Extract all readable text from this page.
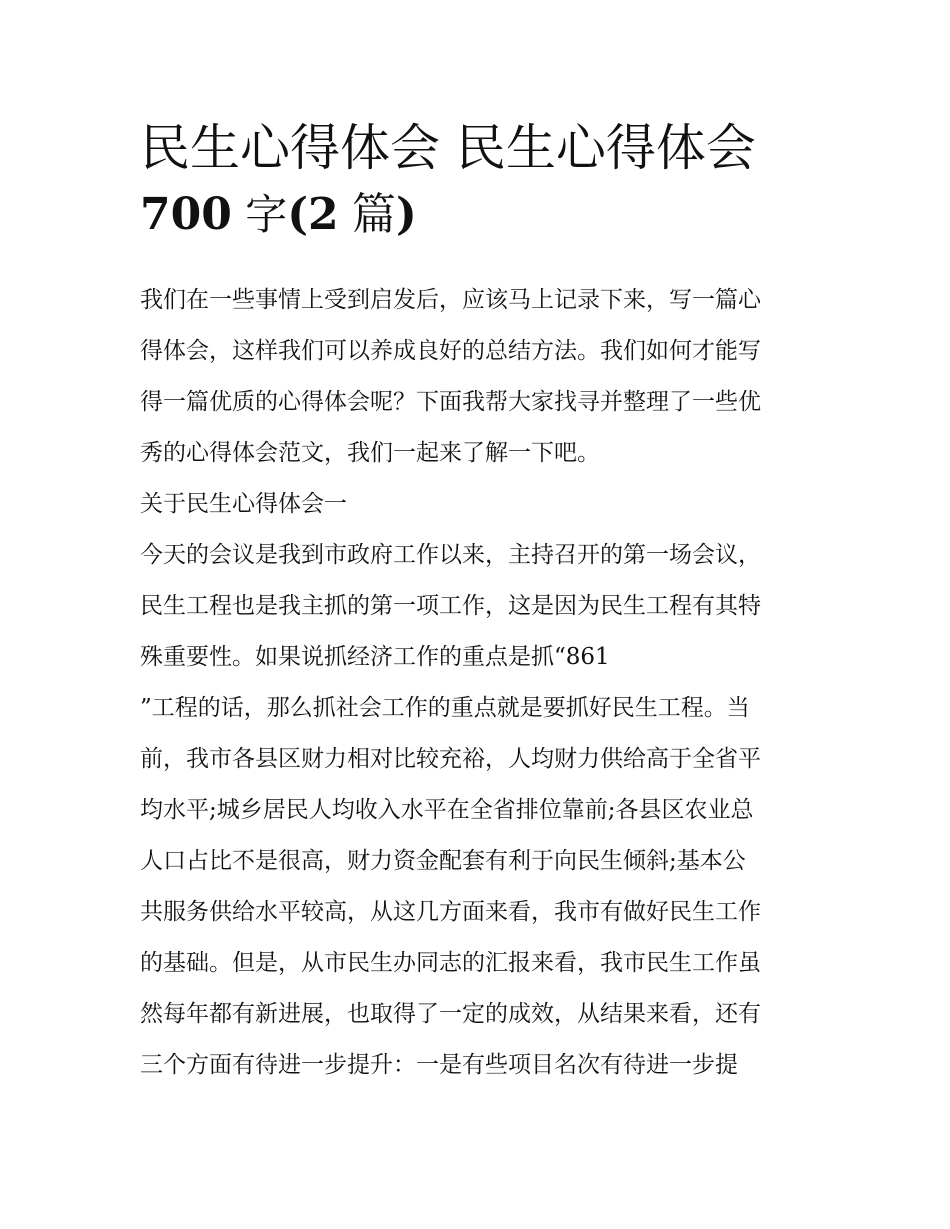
民生心得体会 民生心得体会
700 字(2 篇)
我们在一些事情上受到启发后，应该马上记录下来，写一篇心
得体会，这样我们可以养成良好的总结方法。我们如何才能写
得一篇优质的心得体会呢？下面我帮大家找寻并整理了一些优
秀的心得体会范文，我们一起来了解一下吧。
关于民生心得体会一
今天的会议是我到市政府工作以来，主持召开的第一场会议，
民生工程也是我主抓的第一项工作，这是因为民生工程有其特
殊重要性。如果说抓经济工作的重点是抓“861
”工程的话，那么抓社会工作的重点就是要抓好民生工程。当
前，我市各县区财力相对比较充裕，人均财力供给高于全省平
均水平;城乡居民人均收入水平在全省排位靠前;各县区农业总
人口占比不是很高，财力资金配套有利于向民生倾斜;基本公
共服务供给水平较高，从这几方面来看，我市有做好民生工作
的基础。但是，从市民生办同志的汇报来看，我市民生工作虽
然每年都有新进展，也取得了一定的成效，从结果来看，还有
三个方面有待进一步提升：一是有些项目名次有待进一步提
